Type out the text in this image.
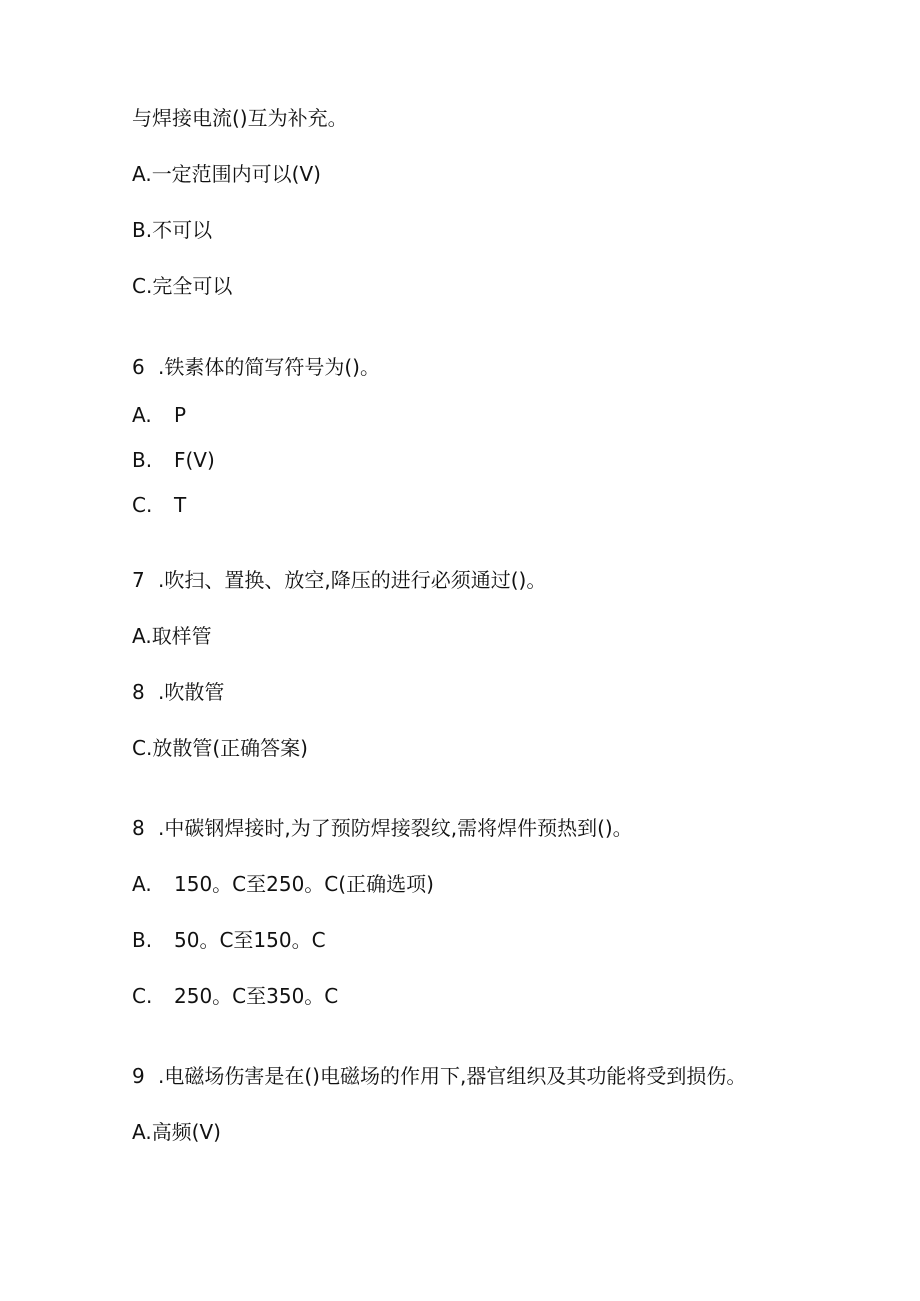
与焊接电流()互为补充。
A.一定范围内可以(V)
B.不可以
C.完全可以
6 .铁素体的简写符号为()。
A. P
B. F(V)
C. T
7 .吹扫、置换、放空,降压的进行必须通过()。
A.取样管
8 .吹散管
C.放散管(正确答案)
8 .中碳钢焊接时,为了预防焊接裂纹,需将焊件预热到()。
A. 150。C至250。C(正确选项)
B. 50。C至150。C
C. 250。C至350。C
9 .电磁场伤害是在()电磁场的作用下,器官组织及其功能将受到损伤。
A.高频(V)
